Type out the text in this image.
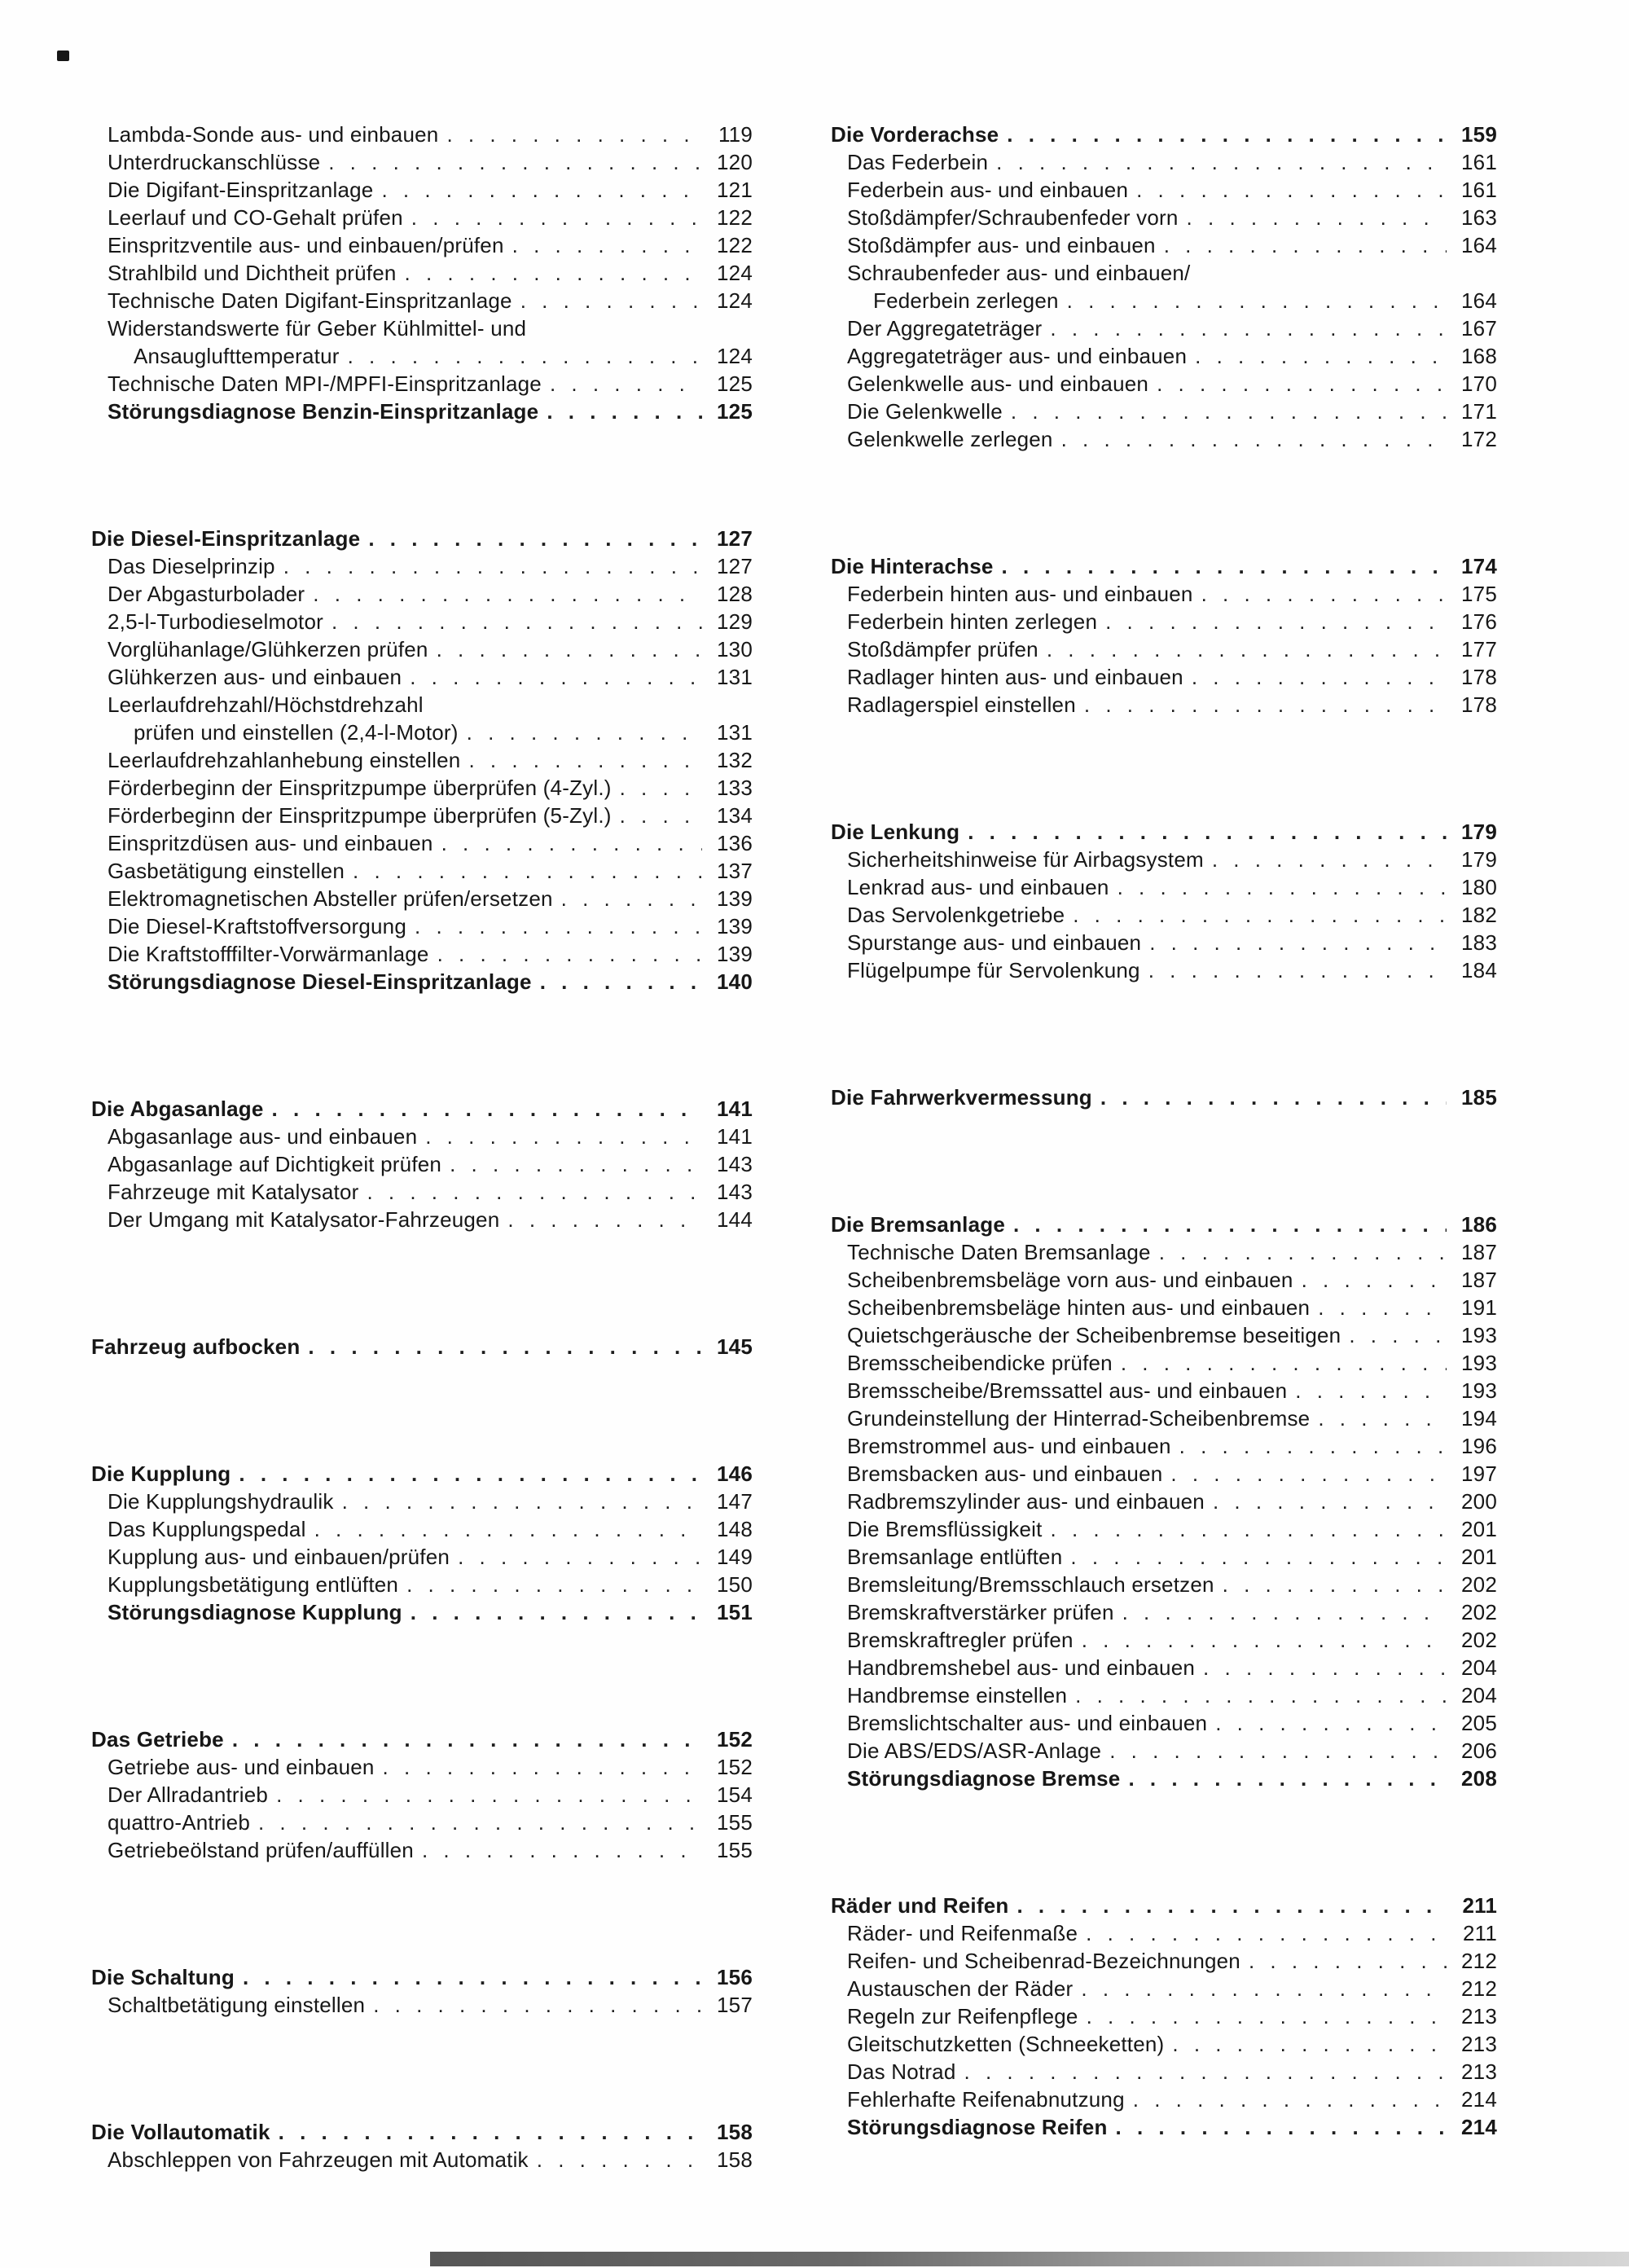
Lambda-Sonde aus- und einbauen . . .	119
Unterdruckanschlüsse . . .	120
Die Digifant-Einspritzanlage . . .	121
Leerlauf und CO-Gehalt prüfen . . .	122
Einspritzventile aus- und einbauen/prüfen . . .	122
Strahlbild und Dichtheit prüfen . . .	124
Technische Daten Digifant-Einspritzanlage . . .	124
Widerstandswerte für Geber Kühlmittel- und
Ansauglufttemperatur . . .	124
Technische Daten MPI-/MPFI-Einspritzanlage . . .	125
Störungsdiagnose Benzin-Einspritzanlage . . .	125
Die Diesel-Einspritzanlage . . .	127
Das Dieselprinzip . . .	127
Der Abgasturbolader . . .	128
2,5-l-Turbodieselmotor . . .	129
Vorglühanlage/Glühkerzen prüfen . . .	130
Glühkerzen aus- und einbauen . . .	131
Leerlaufdrehzahl/Höchstdrehzahl
prüfen und einstellen (2,4-l-Motor) . . .	131
Leerlaufdrehzahlanhebung einstellen . . .	132
Förderbeginn der Einspritzpumpe überprüfen (4-Zyl.) . . .	133
Förderbeginn der Einspritzpumpe überprüfen (5-Zyl.) . . .	134
Einspritzdüsen aus- und einbauen . . .	136
Gasbetätigung einstellen . . .	137
Elektromagnetischen Absteller prüfen/ersetzen . . .	139
Die Diesel-Kraftstoffversorgung . . .	139
Die Kraftstofffilter-Vorwärmanlage . . .	139
Störungsdiagnose Diesel-Einspritzanlage . . .	140
Die Abgasanlage . . .	141
Abgasanlage aus- und einbauen . . .	141
Abgasanlage auf Dichtigkeit prüfen . . .	143
Fahrzeuge mit Katalysator . . .	143
Der Umgang mit Katalysator-Fahrzeugen . . .	144
Fahrzeug aufbocken . . .	145
Die Kupplung . . .	146
Die Kupplungshydraulik . . .	147
Das Kupplungspedal . . .	148
Kupplung aus- und einbauen/prüfen . . .	149
Kupplungsbetätigung entlüften . . .	150
Störungsdiagnose Kupplung . . .	151
Das Getriebe . . .	152
Getriebe aus- und einbauen . . .	152
Der Allradantrieb . . .	154
quattro-Antrieb . . .	155
Getriebeölstand prüfen/auffüllen . . .	155
Die Schaltung . . .	156
Schaltbetätigung einstellen . . .	157
Die Vollautomatik . . .	158
Abschleppen von Fahrzeugen mit Automatik . . .	158
Die Vorderachse . . .	159
Das Federbein . . .	161
Federbein aus- und einbauen . . .	161
Stoßdämpfer/Schraubenfeder vorn . . .	163
Stoßdämpfer aus- und einbauen . . .	164
Schraubenfeder aus- und einbauen/
Federbein zerlegen . . .	164
Der Aggregateträger . . .	167
Aggregateträger aus- und einbauen . . .	168
Gelenkwelle aus- und einbauen . . .	170
Die Gelenkwelle . . .	171
Gelenkwelle zerlegen . . .	172
Die Hinterachse . . .	174
Federbein hinten aus- und einbauen . . .	175
Federbein hinten zerlegen . . .	176
Stoßdämpfer prüfen . . .	177
Radlager hinten aus- und einbauen . . .	178
Radlagerspiel einstellen . . .	178
Die Lenkung . . .	179
Sicherheitshinweise für Airbagsystem . . .	179
Lenkrad aus- und einbauen . . .	180
Das Servolenkgetriebe . . .	182
Spurstange aus- und einbauen . . .	183
Flügelpumpe für Servolenkung . . .	184
Die Fahrwerkvermessung . . .	185
Die Bremsanlage . . .	186
Technische Daten Bremsanlage . . .	187
Scheibenbremsbeläge vorn aus- und einbauen . . .	187
Scheibenbremsbeläge hinten aus- und einbauen . . .	191
Quietschgeräusche der Scheibenbremse beseitigen . . .	193
Bremsscheibendicke prüfen . . .	193
Bremsscheibe/Bremssattel aus- und einbauen . . .	193
Grundeinstellung der Hinterrad-Scheibenbremse . . .	194
Bremstrommel aus- und einbauen . . .	196
Bremsbacken aus- und einbauen . . .	197
Radbremszylinder aus- und einbauen . . .	200
Die Bremsflüssigkeit . . .	201
Bremsanlage entlüften . . .	201
Bremsleitung/Bremsschlauch ersetzen . . .	202
Bremskraftverstärker prüfen . . .	202
Bremskraftregler prüfen . . .	202
Handbremshebel aus- und einbauen . . .	204
Handbremse einstellen . . .	204
Bremslichtschalter aus- und einbauen . . .	205
Die ABS/EDS/ASR-Anlage . . .	206
Störungsdiagnose Bremse . . .	208
Räder und Reifen . . .	211
Räder- und Reifenmaße . . .	211
Reifen- und Scheibenrad-Bezeichnungen . . .	212
Austauschen der Räder . . .	212
Regeln zur Reifenpflege . . .	213
Gleitschutzketten (Schneeketten) . . .	213
Das Notrad . . .	213
Fehlerhafte Reifenabnutzung . . .	214
Störungsdiagnose Reifen . . .	214
